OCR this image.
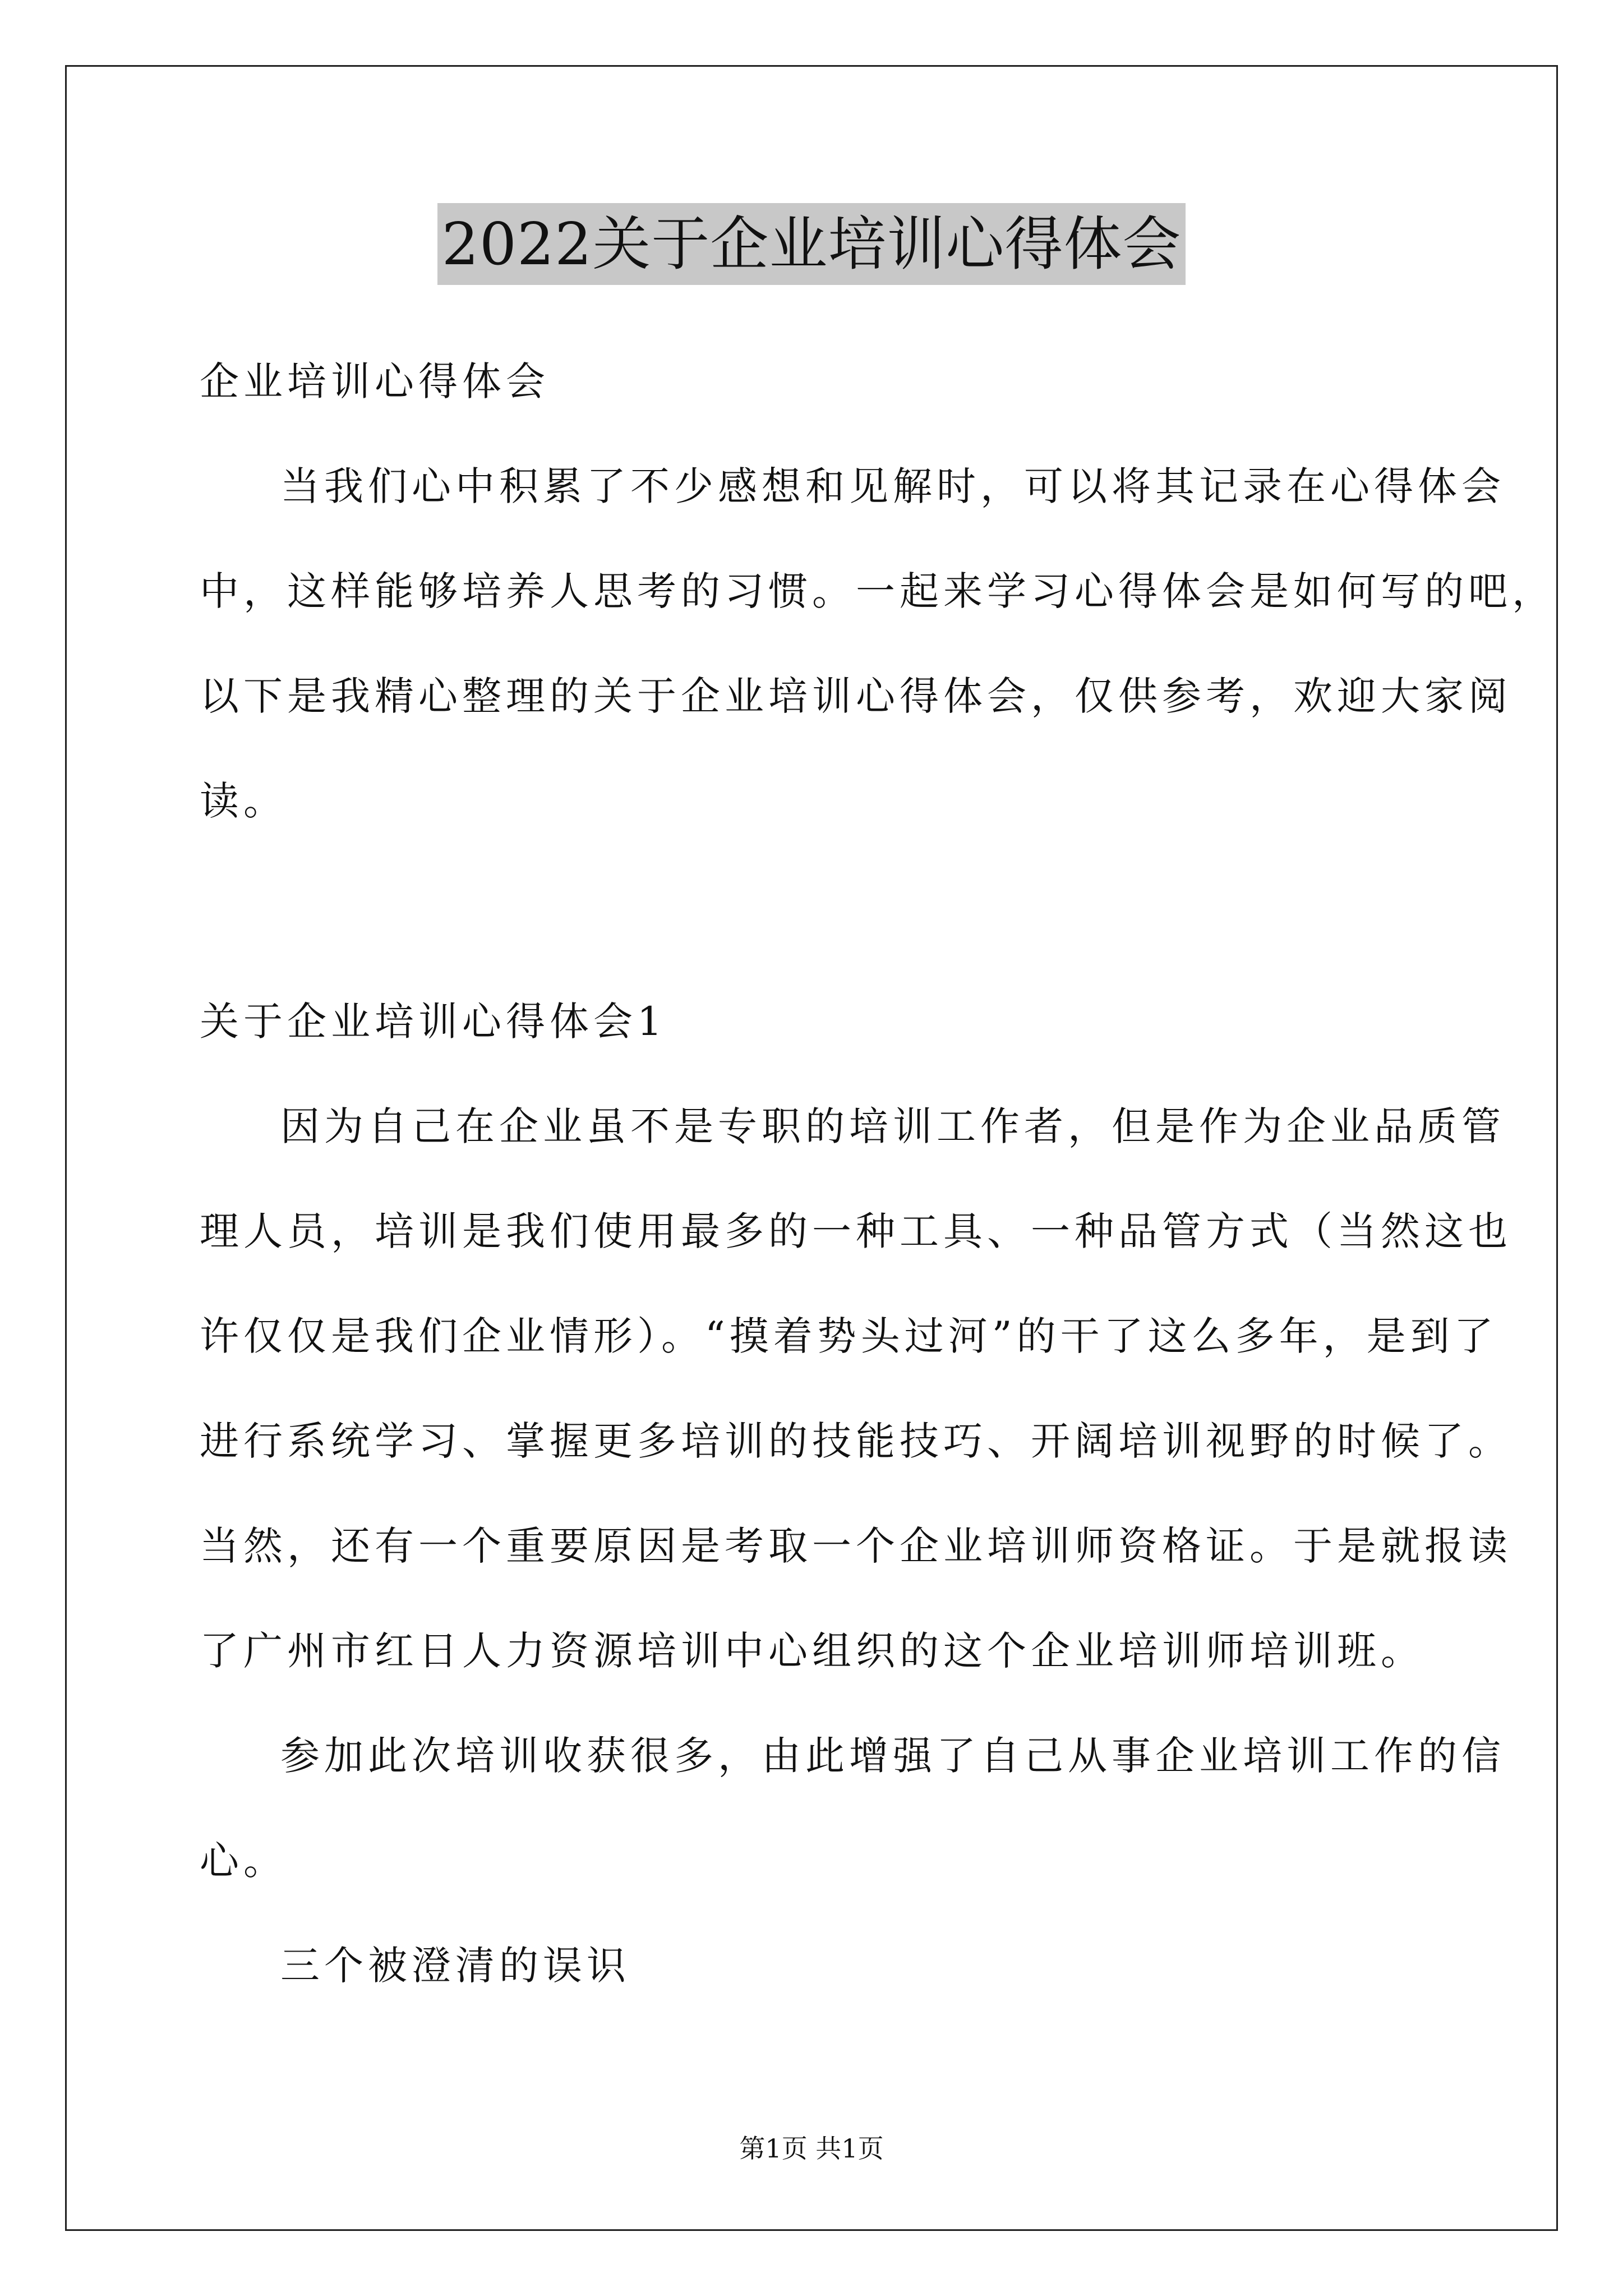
2022关于企业培训心得体会
企业培训心得体会
当我们心中积累了不少感想和见解时，可以将其记录在心得体会
中，这样能够培养人思考的习惯。一起来学习心得体会是如何写的吧，
以下是我精心整理的关于企业培训心得体会，仅供参考，欢迎大家阅
读。
关于企业培训心得体会1
因为自己在企业虽不是专职的培训工作者，但是作为企业品质管
理人员，培训是我们使用最多的一种工具、一种品管方式（当然这也
许仅仅是我们企业情形）。“摸着势头过河”的干了这么多年，是到了
进行系统学习、掌握更多培训的技能技巧、开阔培训视野的时候了。
当然，还有一个重要原因是考取一个企业培训师资格证。于是就报读
了广州市红日人力资源培训中心组织的这个企业培训师培训班。
参加此次培训收获很多，由此增强了自己从事企业培训工作的信
心。
三个被澄清的误识
第1页 共1页
